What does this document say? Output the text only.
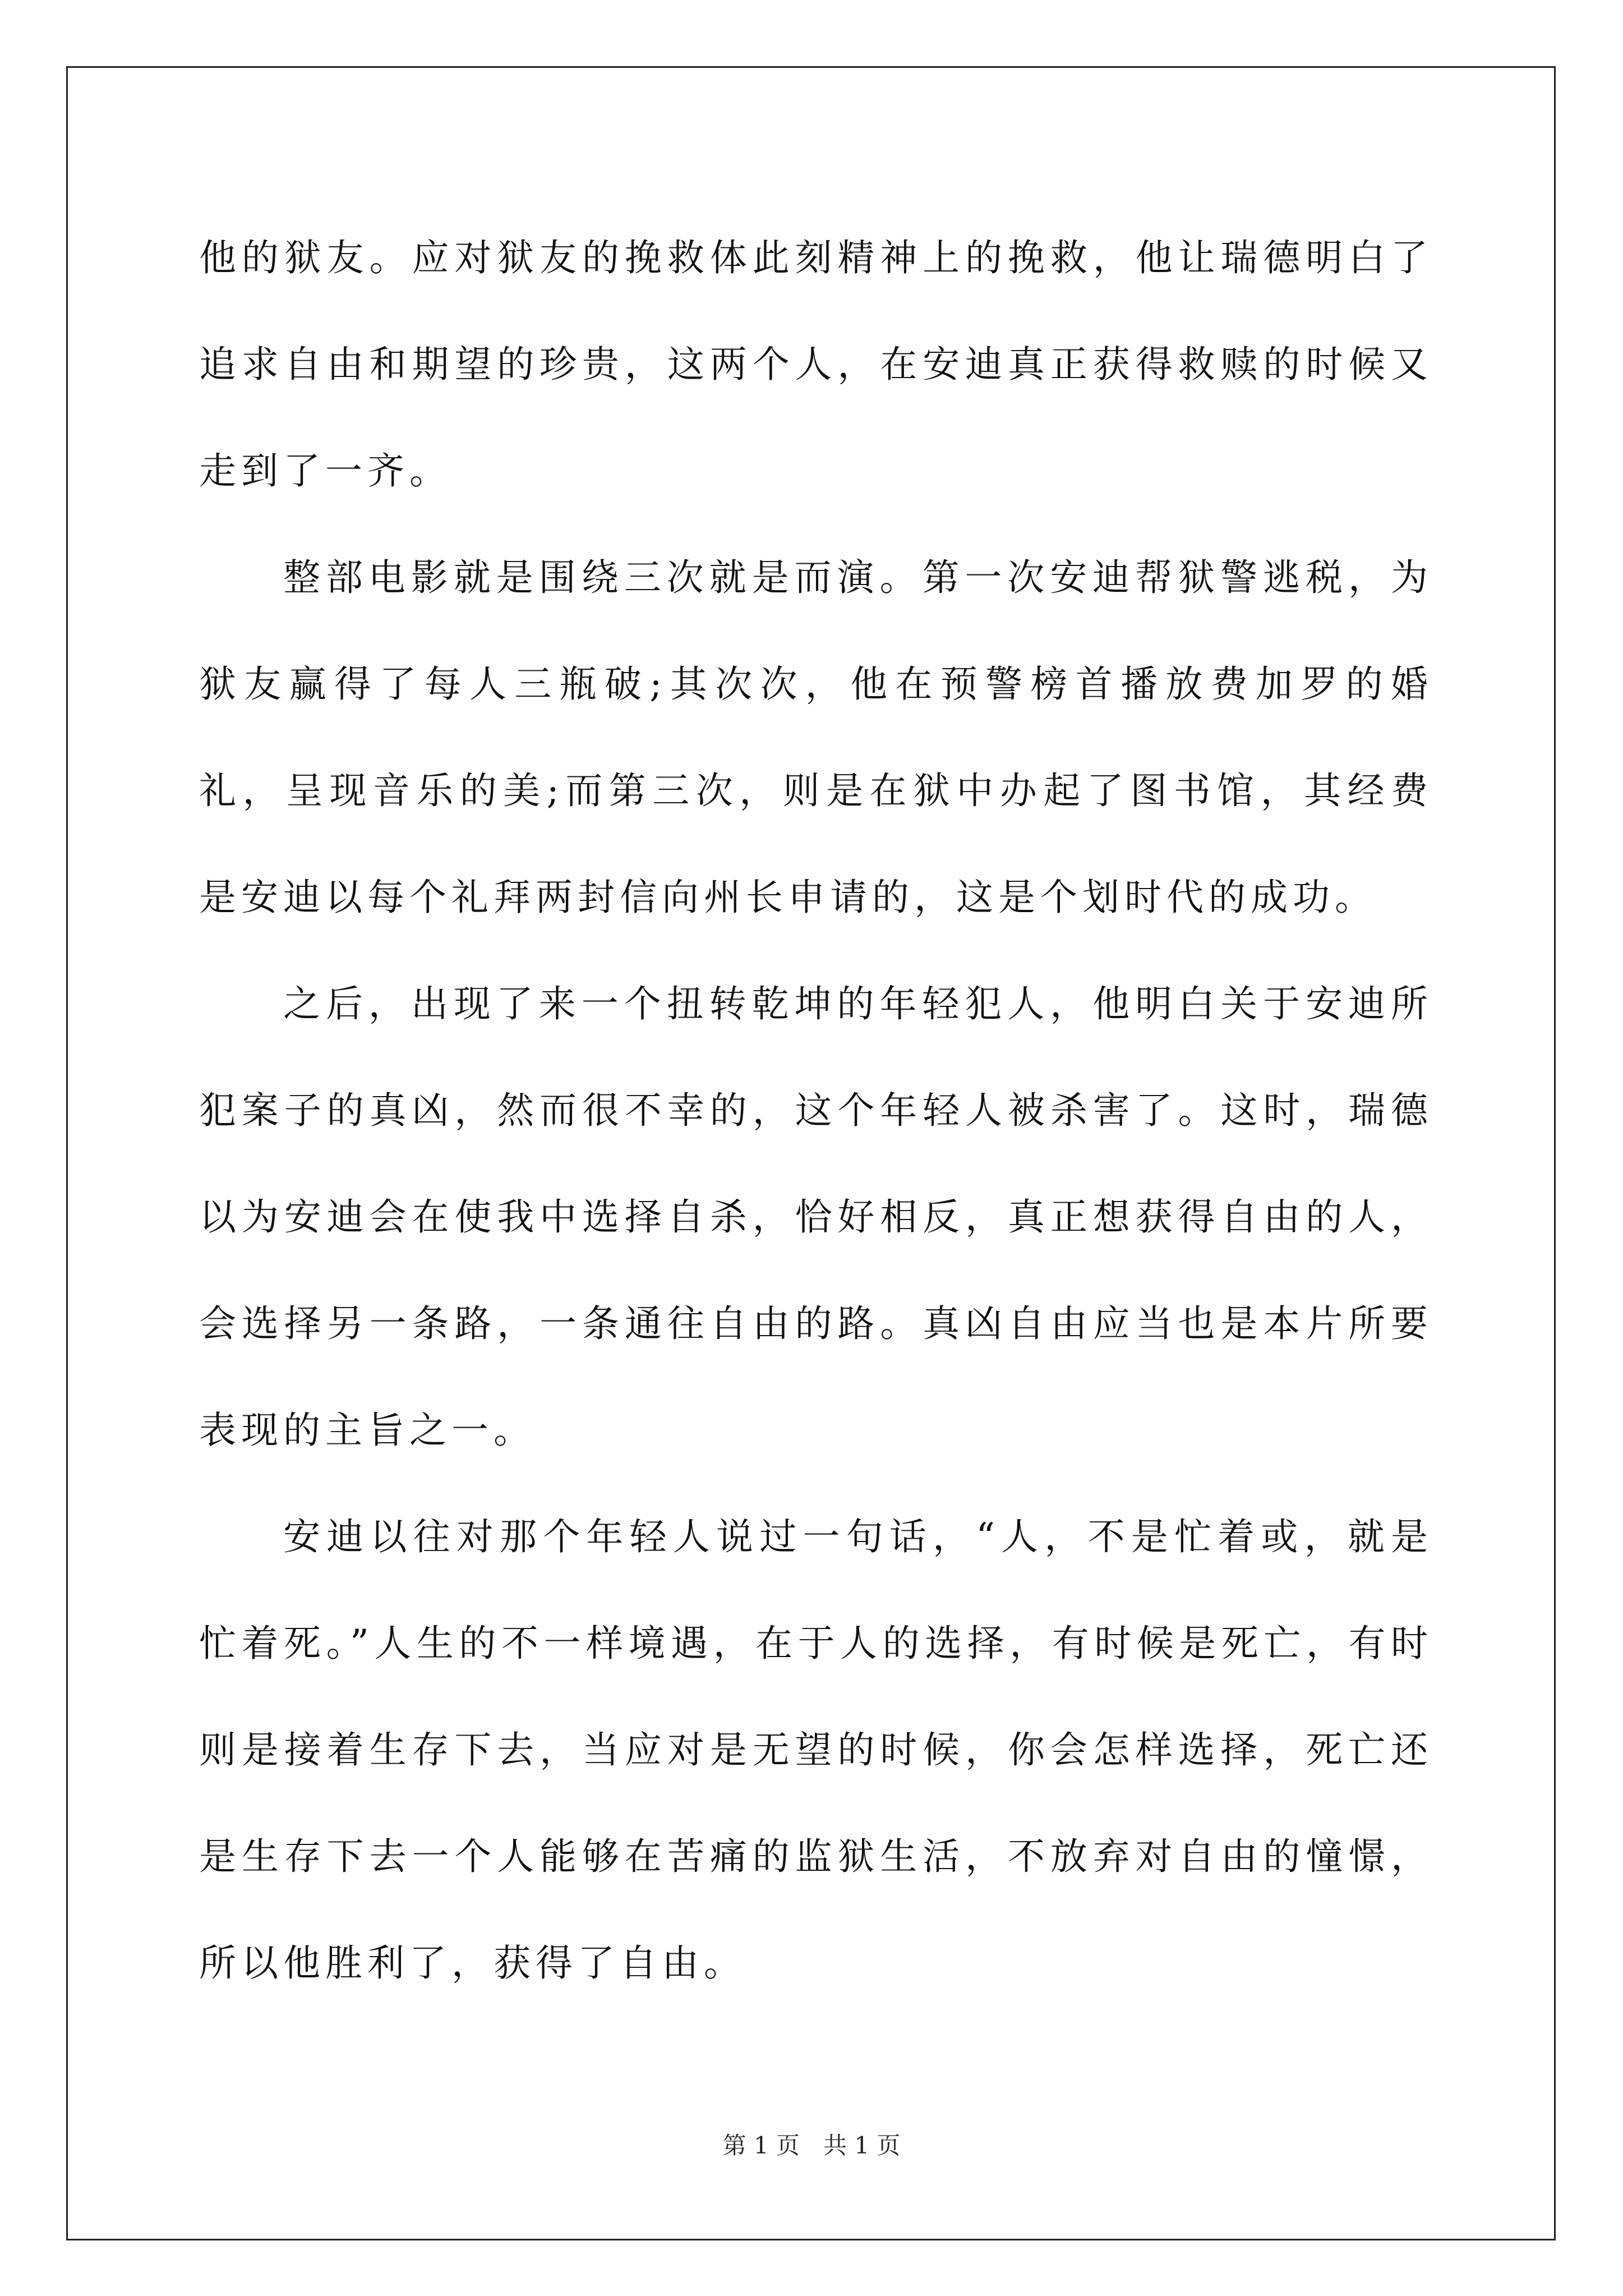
他的狱友。应对狱友的挽救体此刻精神上的挽救，他让瑞德明白了追求自由和期望的珍贵，这两个人，在安迪真正获得救赎的时候又走到了一齐。

整部电影就是围绕三次就是而演。第一次安迪帮狱警逃税，为狱友赢得了每人三瓶破;其次次，他在预警榜首播放费加罗的婚礼，呈现音乐的美;而第三次，则是在狱中办起了图书馆，其经费是安迪以每个礼拜两封信向州长申请的，这是个划时代的成功。

之后，出现了来一个扭转乾坤的年轻犯人，他明白关于安迪所犯案子的真凶，然而很不幸的，这个年轻人被杀害了。这时，瑞德以为安迪会在使我中选择自杀，恰好相反，真正想获得自由的人，会选择另一条路，一条通往自由的路。真凶自由应当也是本片所要表现的主旨之一。

安迪以往对那个年轻人说过一句话，“人，不是忙着或，就是忙着死。”人生的不一样境遇，在于人的选择，有时候是死亡，有时则是接着生存下去，当应对是无望的时候，你会怎样选择，死亡还是生存下去一个人能够在苦痛的监狱生活，不放弃对自由的憧憬，所以他胜利了，获得了自由。

第 1 页　共 1 页
